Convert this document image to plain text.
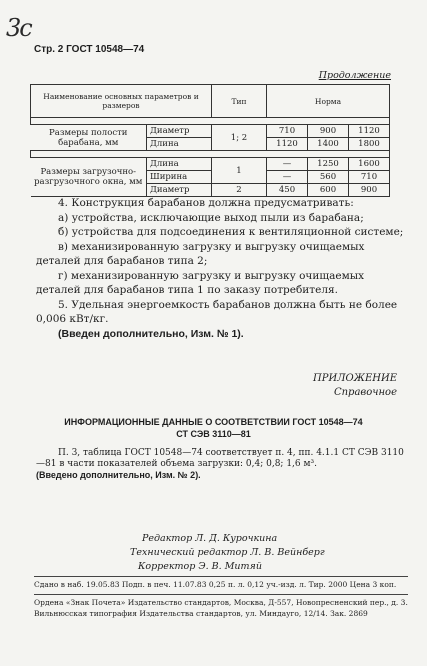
3c
Стр. 2 ГОСТ 10548—74
Продолжение
Наименование основных параметров и размеров		Тип	Норма		

Размеры полости барабана, мм	Диаметр	1; 2	710	900	1120
	Длина		1120	1400	1800

Размеры загрузочно-разгрузочного окна, мм	Длина	1	—	1250	1600
	Ширина		—	560	710
	Диаметр	2	450	600	900

4. Конструкция барабанов должна предусматривать:

а) устройства, исключающие выход пыли из барабана;

б) устройства для подсоединения к вентиляционной системе;

в) механизированную загрузку и выгрузку очищаемых деталей для барабанов типа 2;

г) механизированную загрузку и выгрузку очищаемых деталей для барабанов типа 1 по заказу потребителя.

5. Удельная энергоемкость барабанов должна быть не более 0,006 кВт/кг.

(Введен дополнительно, Изм. № 1).

ПРИЛОЖЕНИЕ
Справочное
ИНФОРМАЦИОННЫЕ ДАННЫЕ О СООТВЕТСТВИИ ГОСТ 10548—74
СТ СЭВ 3110—81

П. 3, таблица ГОСТ 10548—74 соответствует п. 4, пп. 4.1.1 СТ СЭВ 3110—81 в части показателей объема загрузки: 0,4; 0,8; 1,6 м³.

(Введено дополнительно, Изм. № 2).

Редактор Л. Д. Курочкина
Технический редактор Л. В. Вейнберг
Корректор Э. В. Митяй
Сдано в наб. 19.05.83 Подп. в печ. 11.07.83 0,25 п. л. 0,12 уч.-изд. л. Тир. 2000 Цена 3 коп.
Ордена «Знак Почета» Издательство стандартов, Москва, Д-557, Новопресненский пер., д. 3.
Вильнюсская типография Издательства стандартов, ул. Миндауго, 12/14. Зак. 2869
